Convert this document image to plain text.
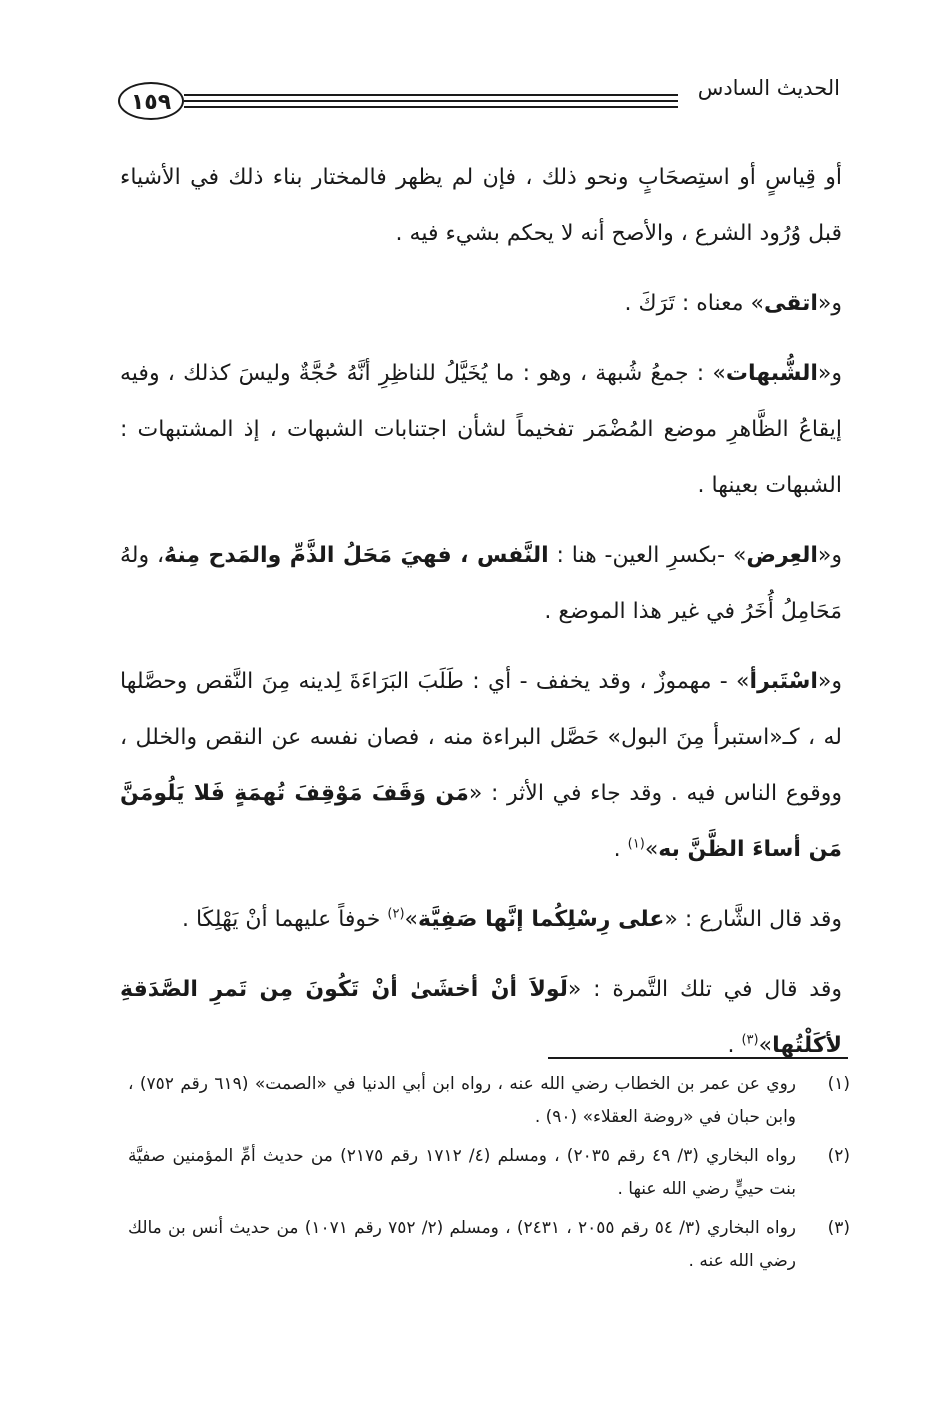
١٥٩
الحديث السادس

أو قِياسٍ أو استِصحَابٍ ونحو ذلك ، فإن لم يظهر فالمختار بناء ذلك في الأشياء قبل وُرُود الشرع ، والأصح أنه لا يحكم بشيء فيه .

و«اتقى» معناه : تَرَكَ .

و«الشُّبهات» : جمعُ شُبهة ، وهو : ما يُخَيَّلُ للناظِرِ أنَّهُ حُجَّةٌ وليسَ كذلك ، وفيه إيقاعُ الظَّاهرِ موضع المُضْمَر تفخيماً لشأن اجتنابات الشبهات ، إذ المشتبهات : الشبهات بعينها .

و«العِرض» -بكسرِ العين- هنا : النَّفس ، فهيَ مَحَلُ الذَّمِّ والمَدح مِنهُ، ولهُ مَحَامِلُ أُخَرُ في غير هذا الموضع .

و«اسْتَبرأ» - مهموزٌ ، وقد يخفف - أي : طَلَبَ البَرَاءَةَ لِدينه مِنَ النَّقص وحصَّلها له ، كـ«استبرأ مِنَ البول» حَصَّل البراءة منه ، فصان نفسه عن النقص والخلل ، ووقوع الناس فيه . وقد جاء في الأثر : «مَن وَقَفَ مَوْقِفَ تُهمَةٍ فَلا يَلُومَنَّ مَن أساءَ الظَّنَّ به»$^{(١)}$ .

وقد قال الشَّارع : «على رِسْلِكُما إنَّها صَفِيَّة»$^{(٢)}$ خوفاً عليهما أنْ يَهْلِكَا .

وقد قال في تلك التَّمرة : «لَولاَ أنْ أخشَىٰ أنْ تَكُونَ مِن تَمرِ الصَّدَقةِ لأكَلْتُها»$^{(٣)}$ .

(١)
روي عن عمر بن الخطاب رضي الله عنه ، رواه ابن أبي الدنيا في «الصمت» (٦١٩ رقم ٧٥٢) ، وابن حبان في «روضة العقلاء» (٩٠) .
(٢)
رواه البخاري (٣/ ٤٩ رقم ٢٠٣٥) ، ومسلم (٤/ ١٧١٢ رقم ٢١٧٥) من حديث أمِّ المؤمنين صفيَّة بنت حييٍّ رضي الله عنها .
(٣)
رواه البخاري (٣/ ٥٤ رقم ٢٠٥٥ ، ٢٤٣١) ، ومسلم (٢/ ٧٥٢ رقم ١٠٧١) من حديث أنس بن مالك رضي الله عنه .
